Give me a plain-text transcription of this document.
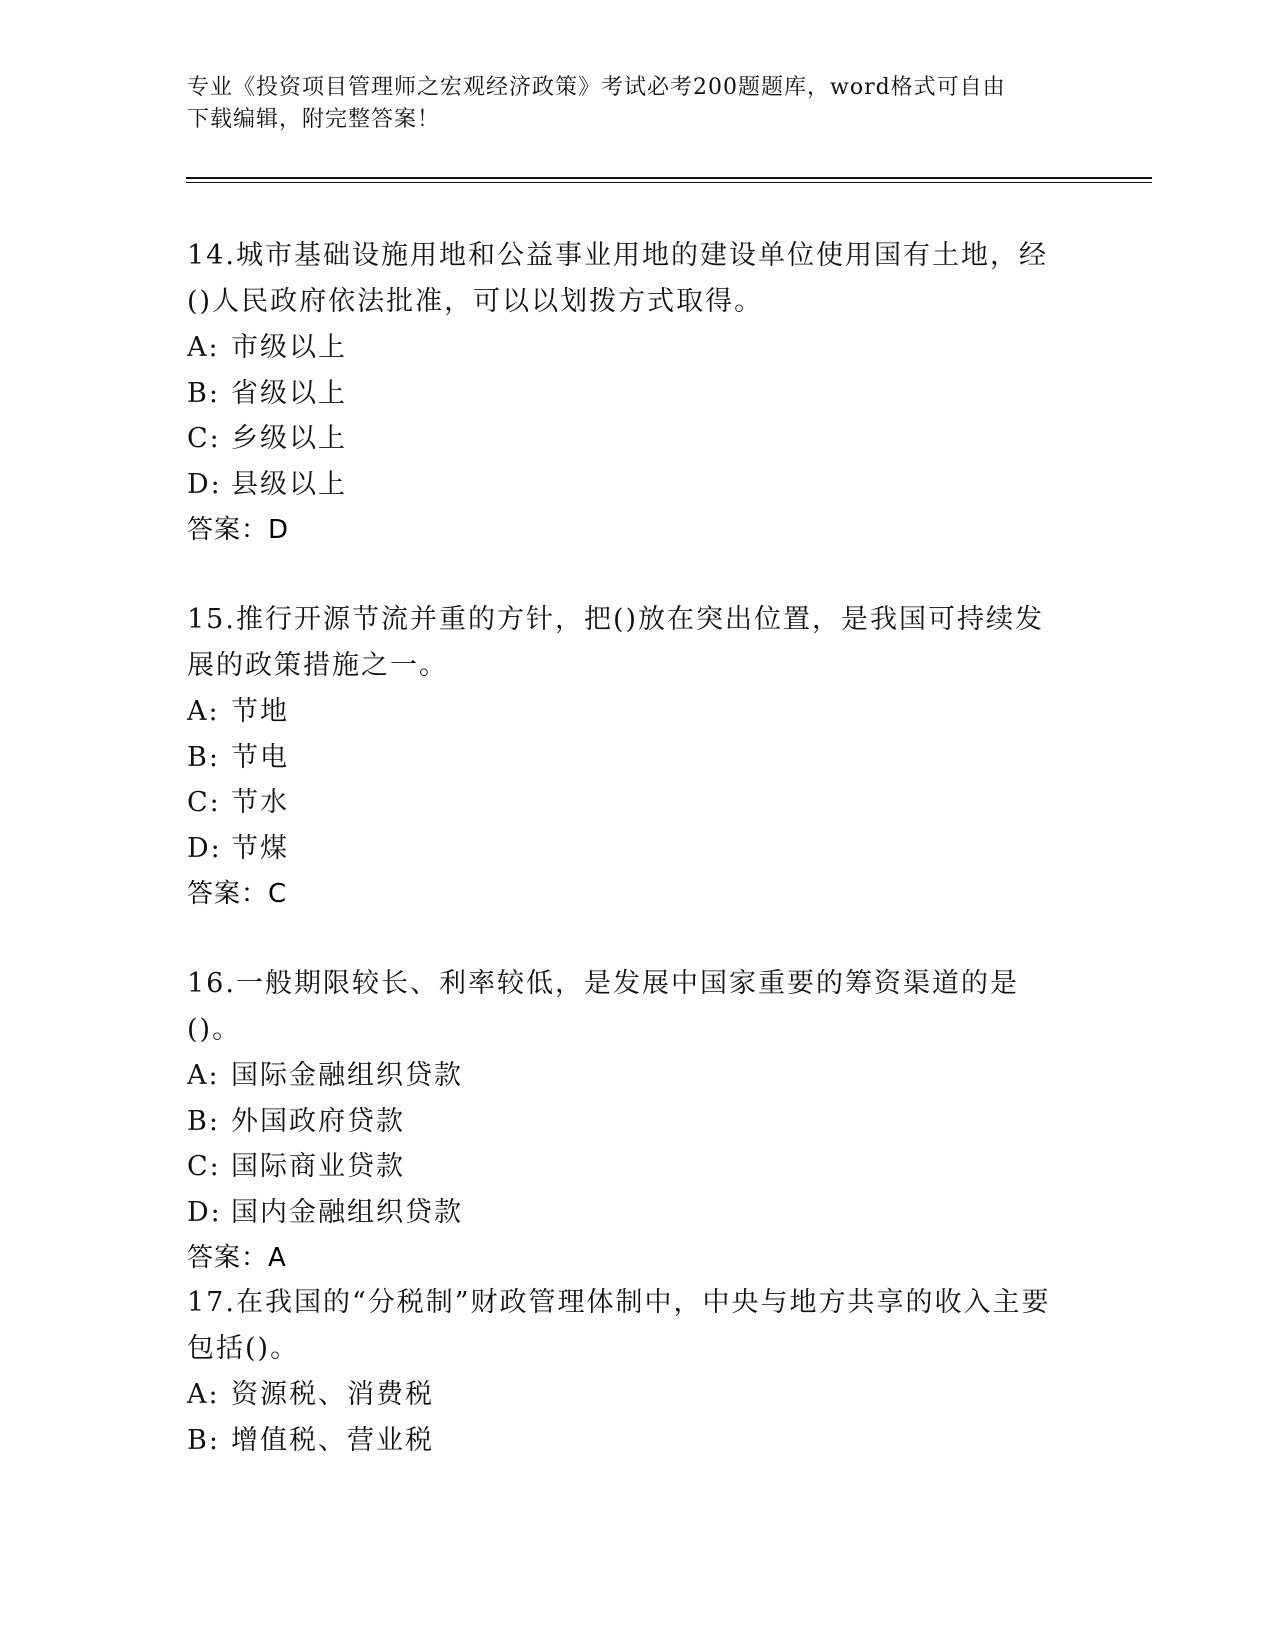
专业《投资项目管理师之宏观经济政策》考试必考200题题库，word格式可自由
下载编辑，附完整答案！

14.城市基础设施用地和公益事业用地的建设单位使用国有土地，经()人民政府依法批准，可以以划拨方式取得。

A: 市级以上
B: 省级以上
C: 乡级以上
D: 县级以上
答案：D

15.推行开源节流并重的方针，把()放在突出位置，是我国可持续发展的政策措施之一。

A: 节地
B: 节电
C: 节水
D: 节煤
答案：C

16.一般期限较长、利率较低，是发展中国家重要的筹资渠道的是()。

A: 国际金融组织贷款
B: 外国政府贷款
C: 国际商业贷款
D: 国内金融组织贷款
答案：A

17.在我国的“分税制”财政管理体制中，中央与地方共享的收入主要包括()。

A: 资源税、消费税
B: 增值税、营业税
